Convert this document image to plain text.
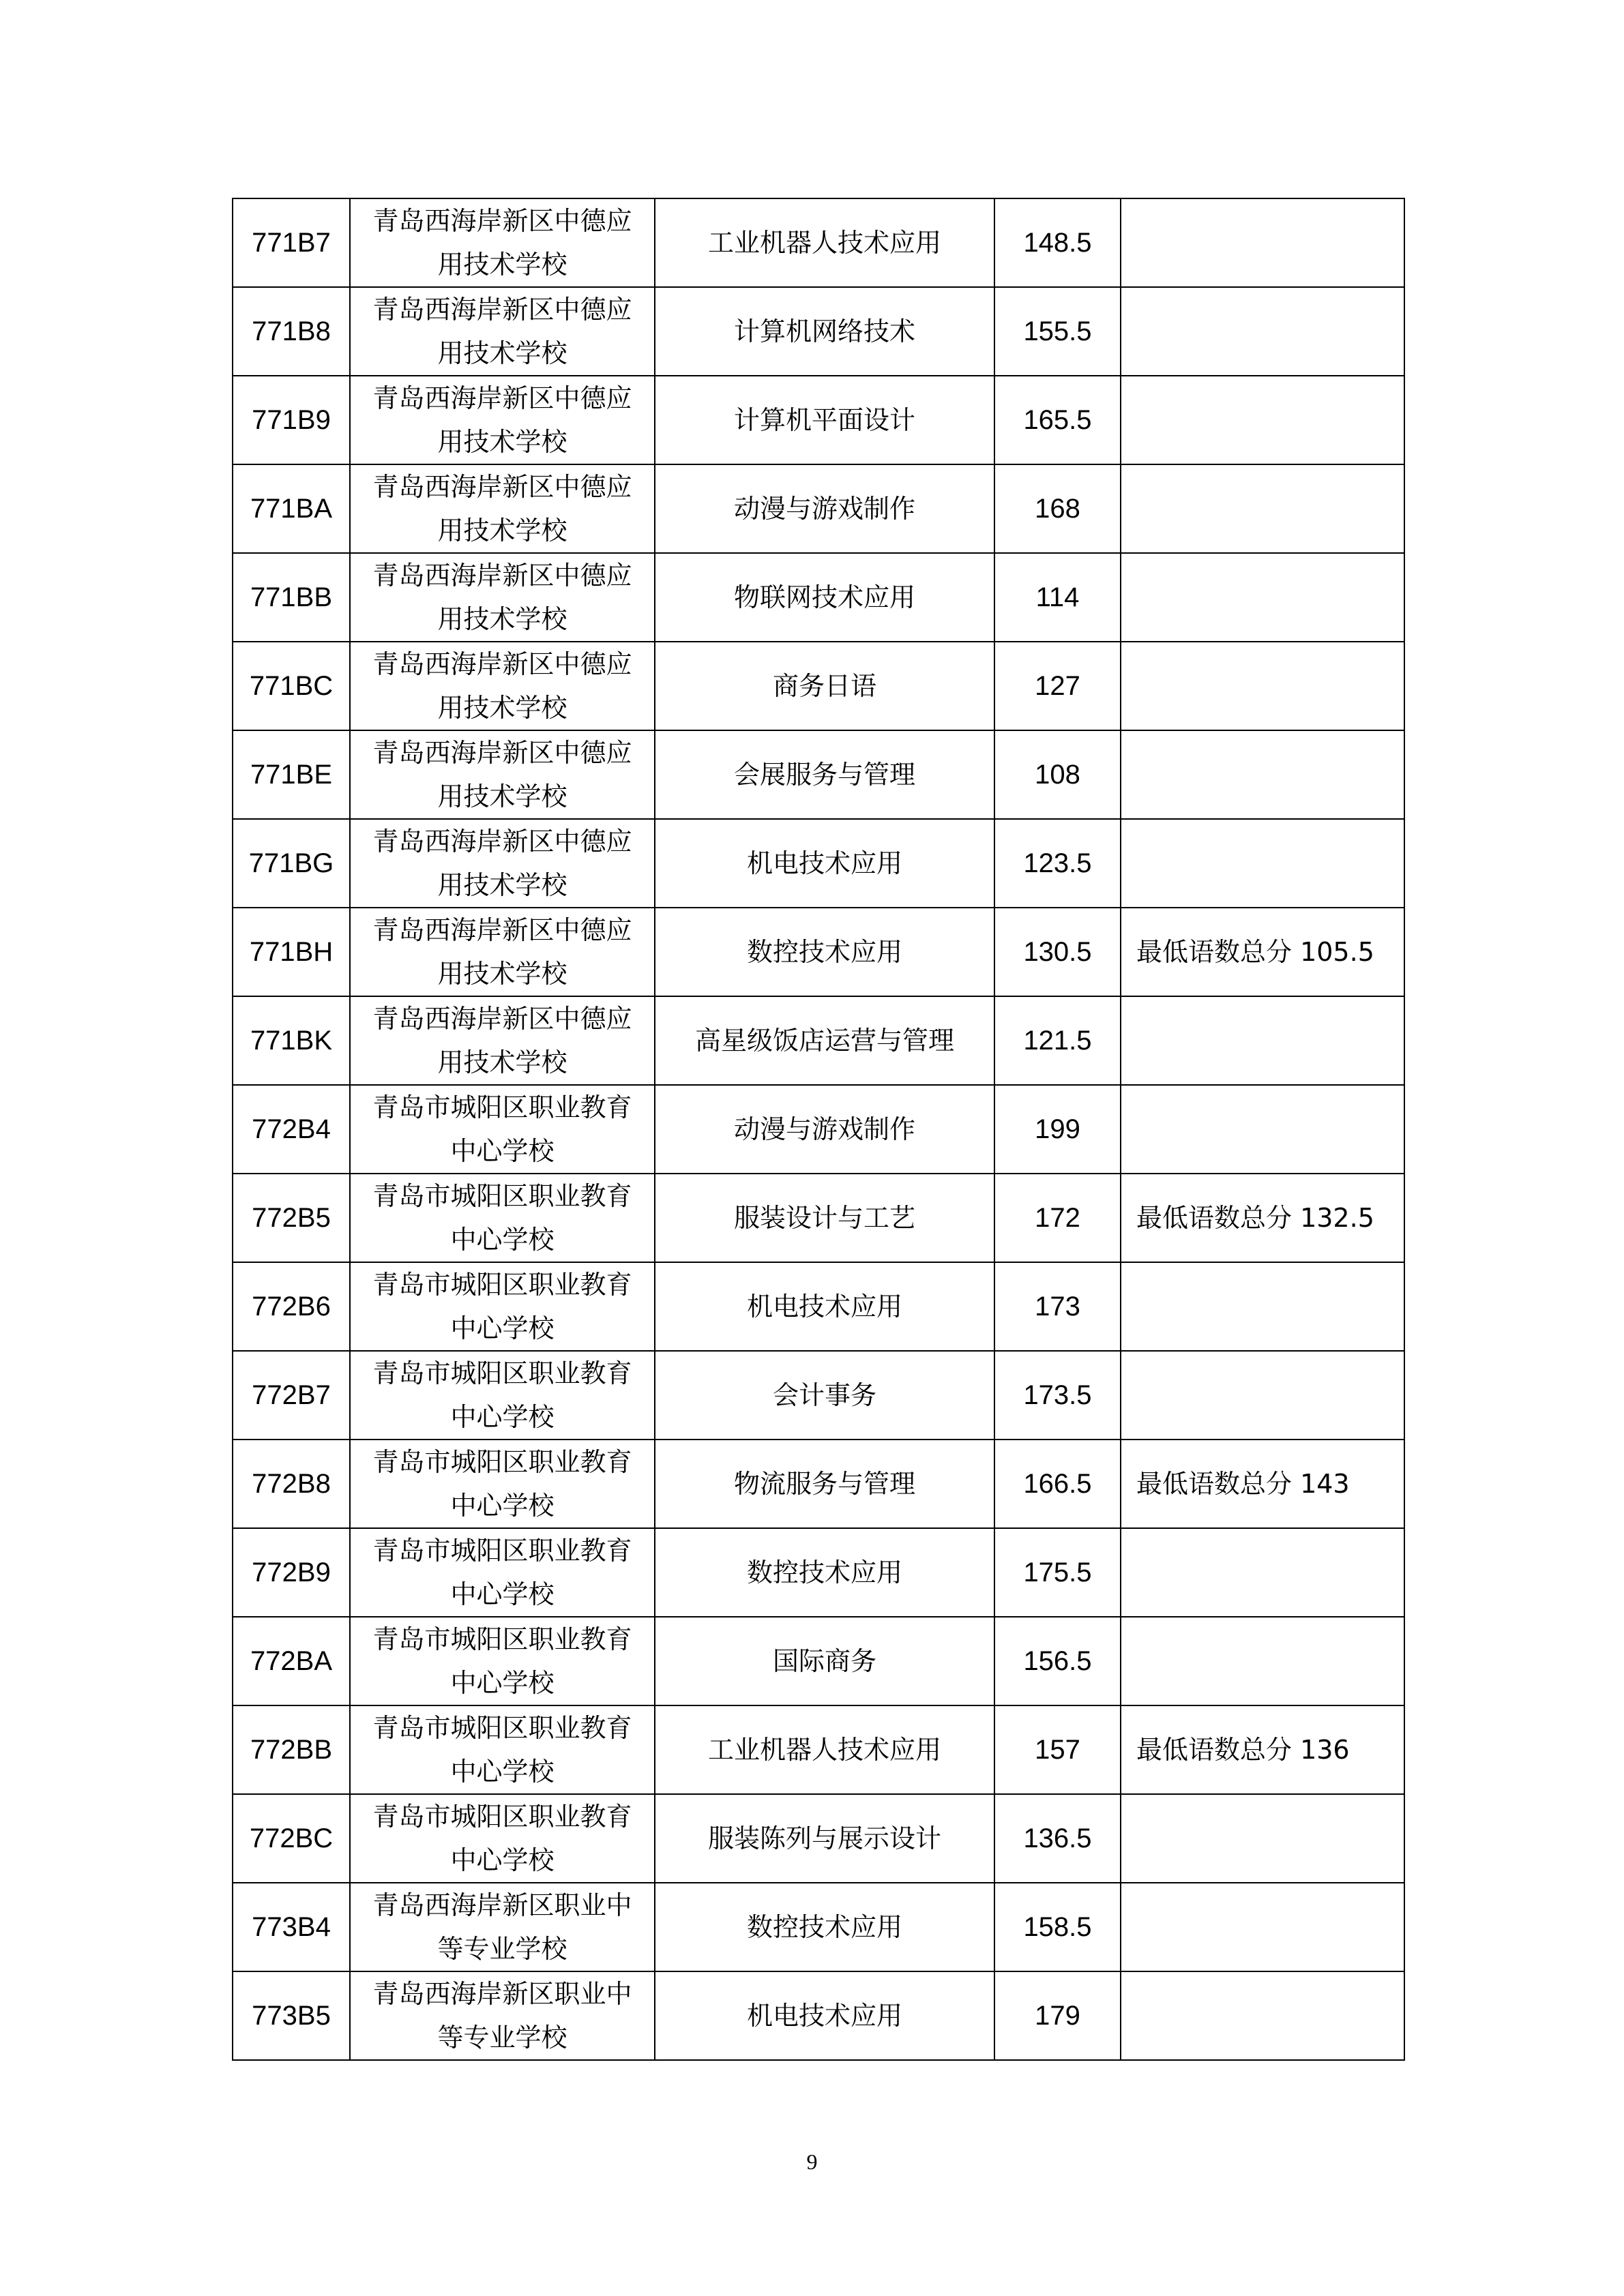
771B7	青岛西海岸新区中德应用技术学校	工业机器人技术应用	148.5	
771B8	青岛西海岸新区中德应用技术学校	计算机网络技术	155.5	
771B9	青岛西海岸新区中德应用技术学校	计算机平面设计	165.5	
771BA	青岛西海岸新区中德应用技术学校	动漫与游戏制作	168	
771BB	青岛西海岸新区中德应用技术学校	物联网技术应用	114	
771BC	青岛西海岸新区中德应用技术学校	商务日语	127	
771BE	青岛西海岸新区中德应用技术学校	会展服务与管理	108	
771BG	青岛西海岸新区中德应用技术学校	机电技术应用	123.5	
771BH	青岛西海岸新区中德应用技术学校	数控技术应用	130.5	最低语数总分 105.5
771BK	青岛西海岸新区中德应用技术学校	高星级饭店运营与管理	121.5	
772B4	青岛市城阳区职业教育中心学校	动漫与游戏制作	199	
772B5	青岛市城阳区职业教育中心学校	服装设计与工艺	172	最低语数总分 132.5
772B6	青岛市城阳区职业教育中心学校	机电技术应用	173	
772B7	青岛市城阳区职业教育中心学校	会计事务	173.5	
772B8	青岛市城阳区职业教育中心学校	物流服务与管理	166.5	最低语数总分 143
772B9	青岛市城阳区职业教育中心学校	数控技术应用	175.5	
772BA	青岛市城阳区职业教育中心学校	国际商务	156.5	
772BB	青岛市城阳区职业教育中心学校	工业机器人技术应用	157	最低语数总分 136
772BC	青岛市城阳区职业教育中心学校	服装陈列与展示设计	136.5	
773B4	青岛西海岸新区职业中等专业学校	数控技术应用	158.5	
773B5	青岛西海岸新区职业中等专业学校	机电技术应用	179	
9
